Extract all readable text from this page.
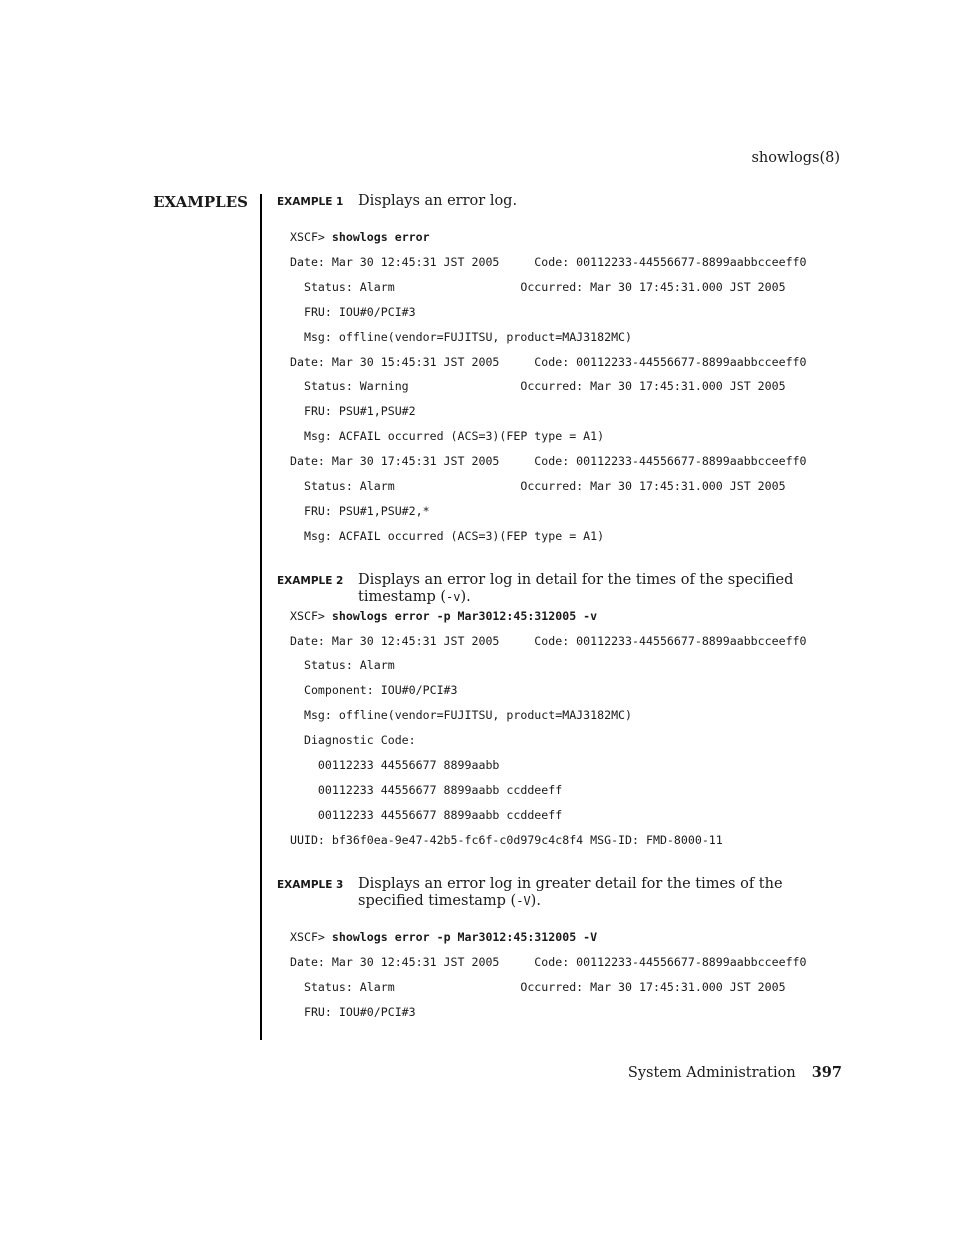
showlogs(8)
EXAMPLES	EXAMPLE 1 Displays an error log.
XSCF> showlogs error
Date: Mar 30 12:45:31 JST 2005     Code: 00112233-44556677-8899aabbcceeff0
Status: Alarm                  Occurred: Mar 30 17:45:31.000 JST 2005
FRU: IOU#0/PCI#3
Msg: offline(vendor=FUJITSU, product=MAJ3182MC)
Date: Mar 30 15:45:31 JST 2005     Code: 00112233-44556677-8899aabbcceeff0
Status: Warning                Occurred: Mar 30 17:45:31.000 JST 2005
FRU: PSU#1,PSU#2
Msg: ACFAIL occurred (ACS=3)(FEP type = A1)
Date: Mar 30 17:45:31 JST 2005     Code: 00112233-44556677-8899aabbcceeff0
Status: Alarm                  Occurred: Mar 30 17:45:31.000 JST 2005
FRU: PSU#1,PSU#2,*
Msg: ACFAIL occurred (ACS=3)(FEP type = A1)
EXAMPLE 2 Displays an error log in detail for the times of the specified timestamp (-v).
XSCF> showlogs error -p Mar3012:45:312005 -v
Date: Mar 30 12:45:31 JST 2005     Code: 00112233-44556677-8899aabbcceeff0
Status: Alarm
Component: IOU#0/PCI#3
Msg: offline(vendor=FUJITSU, product=MAJ3182MC)
Diagnostic Code:
00112233 44556677 8899aabb
00112233 44556677 8899aabb ccddeeff
00112233 44556677 8899aabb ccddeeff
UUID: bf36f0ea-9e47-42b5-fc6f-c0d979c4c8f4 MSG-ID: FMD-8000-11
EXAMPLE 3 Displays an error log in greater detail for the times of the specified timestamp (-V).
XSCF> showlogs error -p Mar3012:45:312005 -V
Date: Mar 30 12:45:31 JST 2005     Code: 00112233-44556677-8899aabbcceeff0
Status: Alarm                  Occurred: Mar 30 17:45:31.000 JST 2005
FRU: IOU#0/PCI#3
System Administration 397
